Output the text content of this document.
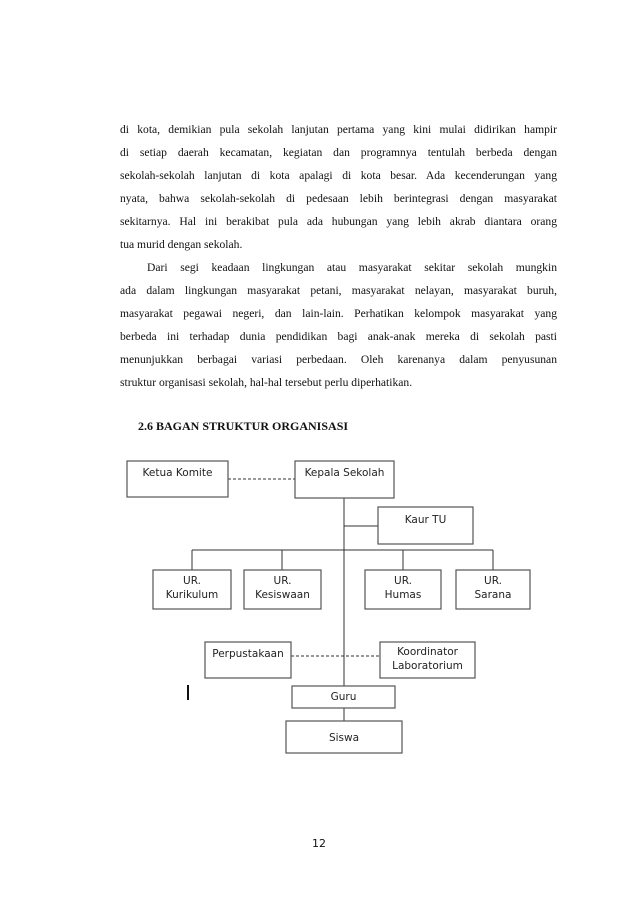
di kota, demikian pula sekolah lanjutan pertama yang kini mulai didirikan hampir
di setiap daerah kecamatan, kegiatan dan programnya tentulah berbeda dengan
sekolah-sekolah lanjutan di kota apalagi di kota besar. Ada kecenderungan yang
nyata, bahwa sekolah-sekolah di pedesaan lebih berintegrasi dengan masyarakat
sekitarnya. Hal ini berakibat pula ada hubungan yang lebih akrab diantara orang
tua murid dengan sekolah.
Dari segi keadaan lingkungan atau masyarakat sekitar sekolah mungkin
ada dalam lingkungan masyarakat petani, masyarakat nelayan, masyarakat buruh,
masyarakat pegawai negeri, dan lain-lain. Perhatikan kelompok masyarakat yang
berbeda ini terhadap dunia pendidikan bagi anak-anak mereka di sekolah pasti
menunjukkan berbagai variasi perbedaan. Oleh karenanya dalam penyusunan
struktur organisasi sekolah, hal-hal tersebut perlu diperhatikan.
2.6 BAGAN STRUKTUR ORGANISASI
Ketua Komite	Kepala Sekolah
Kaur TU
UR.
Kurikulum
UR.
Kesiswaan
UR.
Humas
UR.
Sarana
Perpustakaan	Koordinator
Laboratorium
Guru
Siswa
12
